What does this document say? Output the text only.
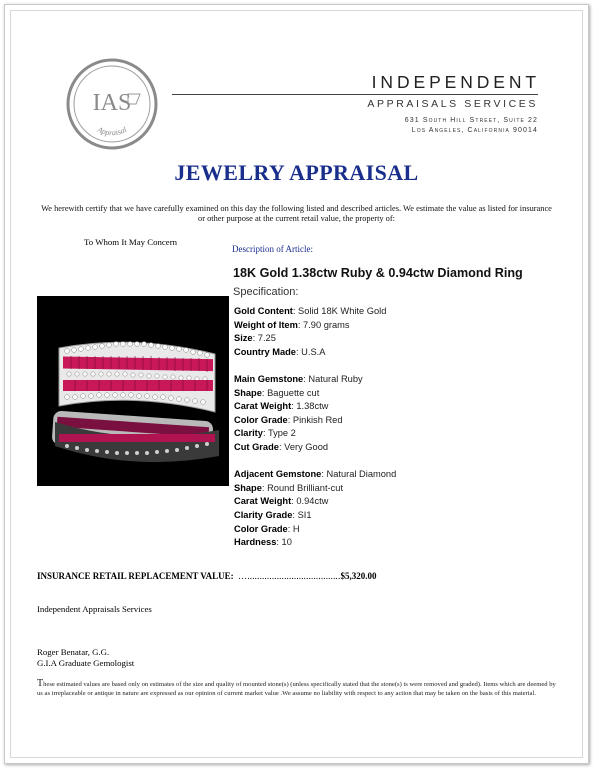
IAS
Appraisal
INDEPENDENT
APPRAISALS SERVICES
631 South Hill Street, Suite 22
Los Angeles, California 90014
JEWELRY APPRAISAL
We herewith certify that we have carefully examined on this day the following listed and described articles. We estimate the value as listed for insurance or other purpose at the current retail value, the property of:
To Whom It May Concern
Description of Article:
18K Gold 1.38ctw Ruby & 0.94ctw Diamond Ring
Specification:
Gold Content: Solid 18K White Gold
Weight of Item: 7.90 grams
Size: 7.25
Country Made: U.S.A
Main Gemstone: Natural Ruby
Shape: Baguette cut
Carat Weight: 1.38ctw
Color Grade: Pinkish Red
Clarity: Type 2
Cut Grade: Very Good
Adjacent Gemstone: Natural Diamond
Shape: Round Brilliant-cut
Carat Weight: 0.94ctw
Clarity Grade: SI1
Color Grade: H
Hardness: 10
INSURANCE RETAIL REPLACEMENT VALUE: …......................................$5,320.00
Independent Appraisals Services
Roger Benatar, G.G.
G.I.A Graduate Gemologist
These estimated values are based only on estimates of the size and quality of mounted stone(s) (unless specifically stated that the stone(s) is were removed and graded). Items which are deemed by us as irreplaceable or antique in nature are expressed as our opinion of current market value .We assume no liability with respect to any action that may be taken on the basis of this material.
